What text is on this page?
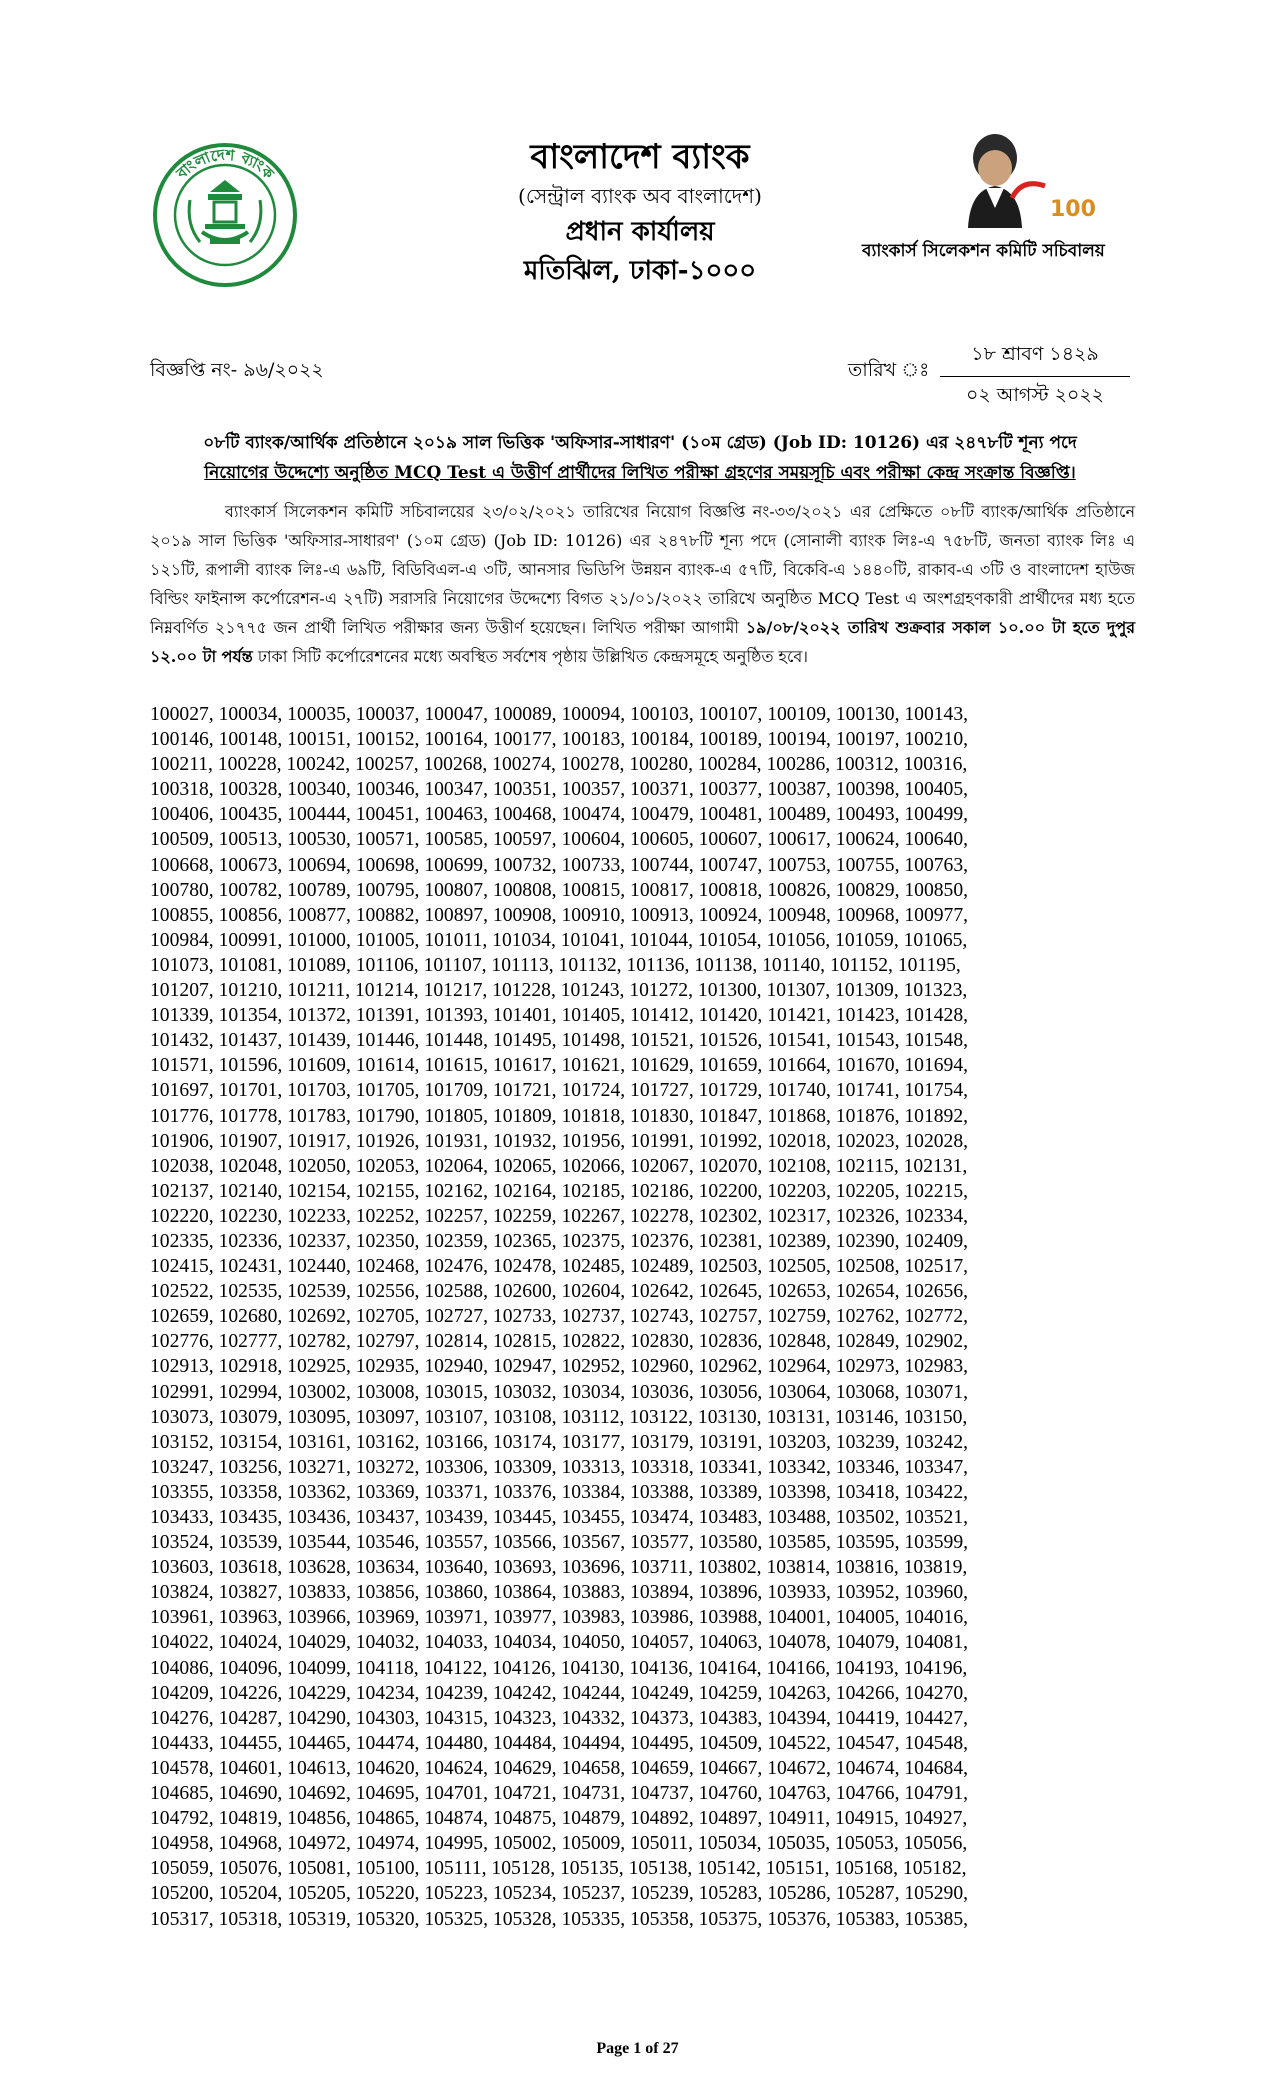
বাংলাদেশ ব্যাংক	বাংলাদেশ ব্যাংক
(সেন্ট্রাল ব্যাংক অব বাংলাদেশ)
প্রধান কার্যালয়
মতিঝিল, ঢাকা-১০০০
100
ব্যাংকার্স সিলেকশন কমিটি সচিবালয়
বিজ্ঞপ্তি নং- ৯৬/২০২২	তারিখ ঃ
১৮ শ্রাবণ ১৪২৯
০২ আগস্ট ২০২২
০৮টি ব্যাংক/আর্থিক প্রতিষ্ঠানে ২০১৯ সাল ভিত্তিক 'অফিসার-সাধারণ' (১০ম গ্রেড) (Job ID: 10126) এর ২৪৭৮টি শূন্য পদে
নিয়োগের উদ্দেশ্যে অনুষ্ঠিত MCQ Test এ উত্তীর্ণ প্রার্থীদের লিখিত পরীক্ষা গ্রহণের সময়সূচি এবং পরীক্ষা কেন্দ্র সংক্রান্ত বিজ্ঞপ্তি।
ব্যাংকার্স সিলেকশন কমিটি সচিবালয়ের ২৩/০২/২০২১ তারিখের নিয়োগ বিজ্ঞপ্তি নং-৩৩/২০২১ এর প্রেক্ষিতে ০৮টি ব্যাংক/আর্থিক প্রতিষ্ঠানে ২০১৯ সাল ভিত্তিক 'অফিসার-সাধারণ' (১০ম গ্রেড) (Job ID: 10126) এর ২৪৭৮টি শূন্য পদে (সোনালী ব্যাংক লিঃ-এ ৭৫৮টি, জনতা ব্যাংক লিঃ এ ১২১টি, রূপালী ব্যাংক লিঃ-এ ৬৯টি, বিডিবিএল-এ ৩টি, আনসার ভিডিপি উন্নয়ন ব্যাংক-এ ৫৭টি, বিকেবি-এ ১৪৪০টি, রাকাব-এ ৩টি ও বাংলাদেশ হাউজ বিল্ডিং ফাইনান্স কর্পোরেশন-এ ২৭টি) সরাসরি নিয়োগের উদ্দেশ্যে বিগত ২১/০১/২০২২ তারিখে অনুষ্ঠিত MCQ Test এ অংশগ্রহণকারী প্রার্থীদের মধ্য হতে নিম্নবর্ণিত ২১৭৭৫ জন প্রার্থী লিখিত পরীক্ষার জন্য উত্তীর্ণ হয়েছেন। লিখিত পরীক্ষা আগামী ১৯/০৮/২০২২ তারিখ শুক্রবার সকাল ১০.০০ টা হতে দুপুর ১২.০০ টা পর্যন্ত ঢাকা সিটি কর্পোরেশনের মধ্যে অবস্থিত সর্বশেষ পৃষ্ঠায় উল্লিখিত কেন্দ্রসমূহে অনুষ্ঠিত হবে।
100027, 100034, 100035, 100037, 100047, 100089, 100094, 100103, 100107, 100109, 100130, 100143,
100146, 100148, 100151, 100152, 100164, 100177, 100183, 100184, 100189, 100194, 100197, 100210,
100211, 100228, 100242, 100257, 100268, 100274, 100278, 100280, 100284, 100286, 100312, 100316,
100318, 100328, 100340, 100346, 100347, 100351, 100357, 100371, 100377, 100387, 100398, 100405,
100406, 100435, 100444, 100451, 100463, 100468, 100474, 100479, 100481, 100489, 100493, 100499,
100509, 100513, 100530, 100571, 100585, 100597, 100604, 100605, 100607, 100617, 100624, 100640,
100668, 100673, 100694, 100698, 100699, 100732, 100733, 100744, 100747, 100753, 100755, 100763,
100780, 100782, 100789, 100795, 100807, 100808, 100815, 100817, 100818, 100826, 100829, 100850,
100855, 100856, 100877, 100882, 100897, 100908, 100910, 100913, 100924, 100948, 100968, 100977,
100984, 100991, 101000, 101005, 101011, 101034, 101041, 101044, 101054, 101056, 101059, 101065,
101073, 101081, 101089, 101106, 101107, 101113, 101132, 101136, 101138, 101140, 101152, 101195,
101207, 101210, 101211, 101214, 101217, 101228, 101243, 101272, 101300, 101307, 101309, 101323,
101339, 101354, 101372, 101391, 101393, 101401, 101405, 101412, 101420, 101421, 101423, 101428,
101432, 101437, 101439, 101446, 101448, 101495, 101498, 101521, 101526, 101541, 101543, 101548,
101571, 101596, 101609, 101614, 101615, 101617, 101621, 101629, 101659, 101664, 101670, 101694,
101697, 101701, 101703, 101705, 101709, 101721, 101724, 101727, 101729, 101740, 101741, 101754,
101776, 101778, 101783, 101790, 101805, 101809, 101818, 101830, 101847, 101868, 101876, 101892,
101906, 101907, 101917, 101926, 101931, 101932, 101956, 101991, 101992, 102018, 102023, 102028,
102038, 102048, 102050, 102053, 102064, 102065, 102066, 102067, 102070, 102108, 102115, 102131,
102137, 102140, 102154, 102155, 102162, 102164, 102185, 102186, 102200, 102203, 102205, 102215,
102220, 102230, 102233, 102252, 102257, 102259, 102267, 102278, 102302, 102317, 102326, 102334,
102335, 102336, 102337, 102350, 102359, 102365, 102375, 102376, 102381, 102389, 102390, 102409,
102415, 102431, 102440, 102468, 102476, 102478, 102485, 102489, 102503, 102505, 102508, 102517,
102522, 102535, 102539, 102556, 102588, 102600, 102604, 102642, 102645, 102653, 102654, 102656,
102659, 102680, 102692, 102705, 102727, 102733, 102737, 102743, 102757, 102759, 102762, 102772,
102776, 102777, 102782, 102797, 102814, 102815, 102822, 102830, 102836, 102848, 102849, 102902,
102913, 102918, 102925, 102935, 102940, 102947, 102952, 102960, 102962, 102964, 102973, 102983,
102991, 102994, 103002, 103008, 103015, 103032, 103034, 103036, 103056, 103064, 103068, 103071,
103073, 103079, 103095, 103097, 103107, 103108, 103112, 103122, 103130, 103131, 103146, 103150,
103152, 103154, 103161, 103162, 103166, 103174, 103177, 103179, 103191, 103203, 103239, 103242,
103247, 103256, 103271, 103272, 103306, 103309, 103313, 103318, 103341, 103342, 103346, 103347,
103355, 103358, 103362, 103369, 103371, 103376, 103384, 103388, 103389, 103398, 103418, 103422,
103433, 103435, 103436, 103437, 103439, 103445, 103455, 103474, 103483, 103488, 103502, 103521,
103524, 103539, 103544, 103546, 103557, 103566, 103567, 103577, 103580, 103585, 103595, 103599,
103603, 103618, 103628, 103634, 103640, 103693, 103696, 103711, 103802, 103814, 103816, 103819,
103824, 103827, 103833, 103856, 103860, 103864, 103883, 103894, 103896, 103933, 103952, 103960,
103961, 103963, 103966, 103969, 103971, 103977, 103983, 103986, 103988, 104001, 104005, 104016,
104022, 104024, 104029, 104032, 104033, 104034, 104050, 104057, 104063, 104078, 104079, 104081,
104086, 104096, 104099, 104118, 104122, 104126, 104130, 104136, 104164, 104166, 104193, 104196,
104209, 104226, 104229, 104234, 104239, 104242, 104244, 104249, 104259, 104263, 104266, 104270,
104276, 104287, 104290, 104303, 104315, 104323, 104332, 104373, 104383, 104394, 104419, 104427,
104433, 104455, 104465, 104474, 104480, 104484, 104494, 104495, 104509, 104522, 104547, 104548,
104578, 104601, 104613, 104620, 104624, 104629, 104658, 104659, 104667, 104672, 104674, 104684,
104685, 104690, 104692, 104695, 104701, 104721, 104731, 104737, 104760, 104763, 104766, 104791,
104792, 104819, 104856, 104865, 104874, 104875, 104879, 104892, 104897, 104911, 104915, 104927,
104958, 104968, 104972, 104974, 104995, 105002, 105009, 105011, 105034, 105035, 105053, 105056,
105059, 105076, 105081, 105100, 105111, 105128, 105135, 105138, 105142, 105151, 105168, 105182,
105200, 105204, 105205, 105220, 105223, 105234, 105237, 105239, 105283, 105286, 105287, 105290,
105317, 105318, 105319, 105320, 105325, 105328, 105335, 105358, 105375, 105376, 105383, 105385,
Page 1 of 27
